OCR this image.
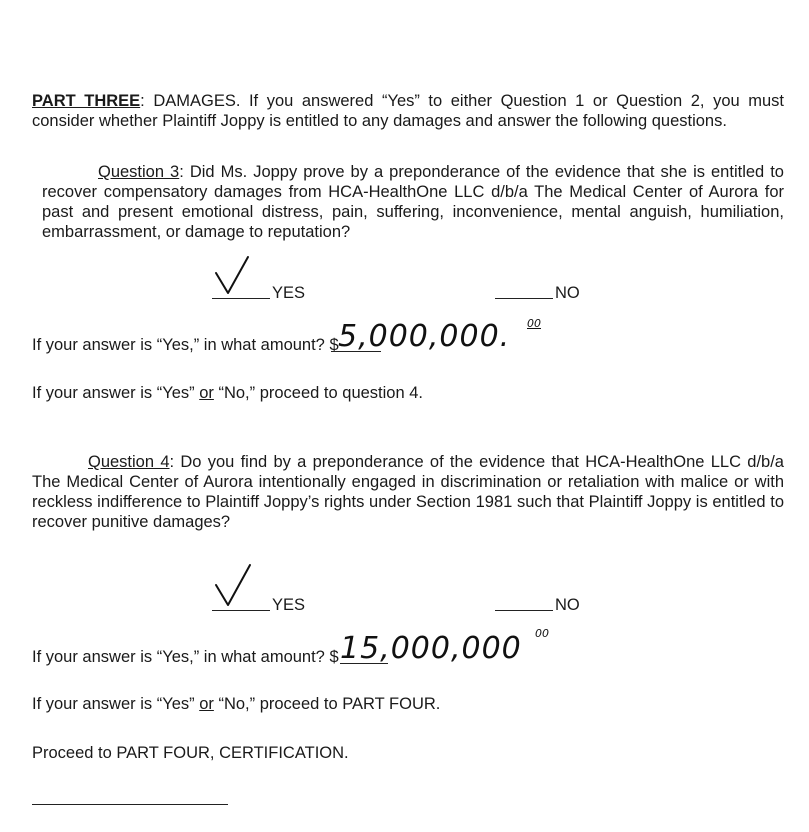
PART THREE: DAMAGES. If you answered “Yes” to either Question 1 or Question 2, you must consider whether Plaintiff Joppy is entitled to any damages and answer the following questions.
Question 3: Did Ms. Joppy prove by a preponderance of the evidence that she is entitled to recover compensatory damages from HCA-HealthOne LLC d/b/a The Medical Center of Aurora for past and present emotional distress, pain, suffering, inconvenience, mental anguish, humiliation, embarrassment, or damage to reputation?
YES	NO
If your answer is “Yes,” in what amount? $ 5,000,000. 00
If your answer is “Yes” or “No,” proceed to question 4.
Question 4: Do you find by a preponderance of the evidence that HCA-HealthOne LLC d/b/a The Medical Center of Aurora intentionally engaged in discrimination or retaliation with malice or with reckless indifference to Plaintiff Joppy’s rights under Section 1981 such that Plaintiff Joppy is entitled to recover punitive damages?
YES	NO
If your answer is “Yes,” in what amount? $ 15,000,000 00
If your answer is “Yes” or “No,” proceed to PART FOUR.
Proceed to PART FOUR, CERTIFICATION.
